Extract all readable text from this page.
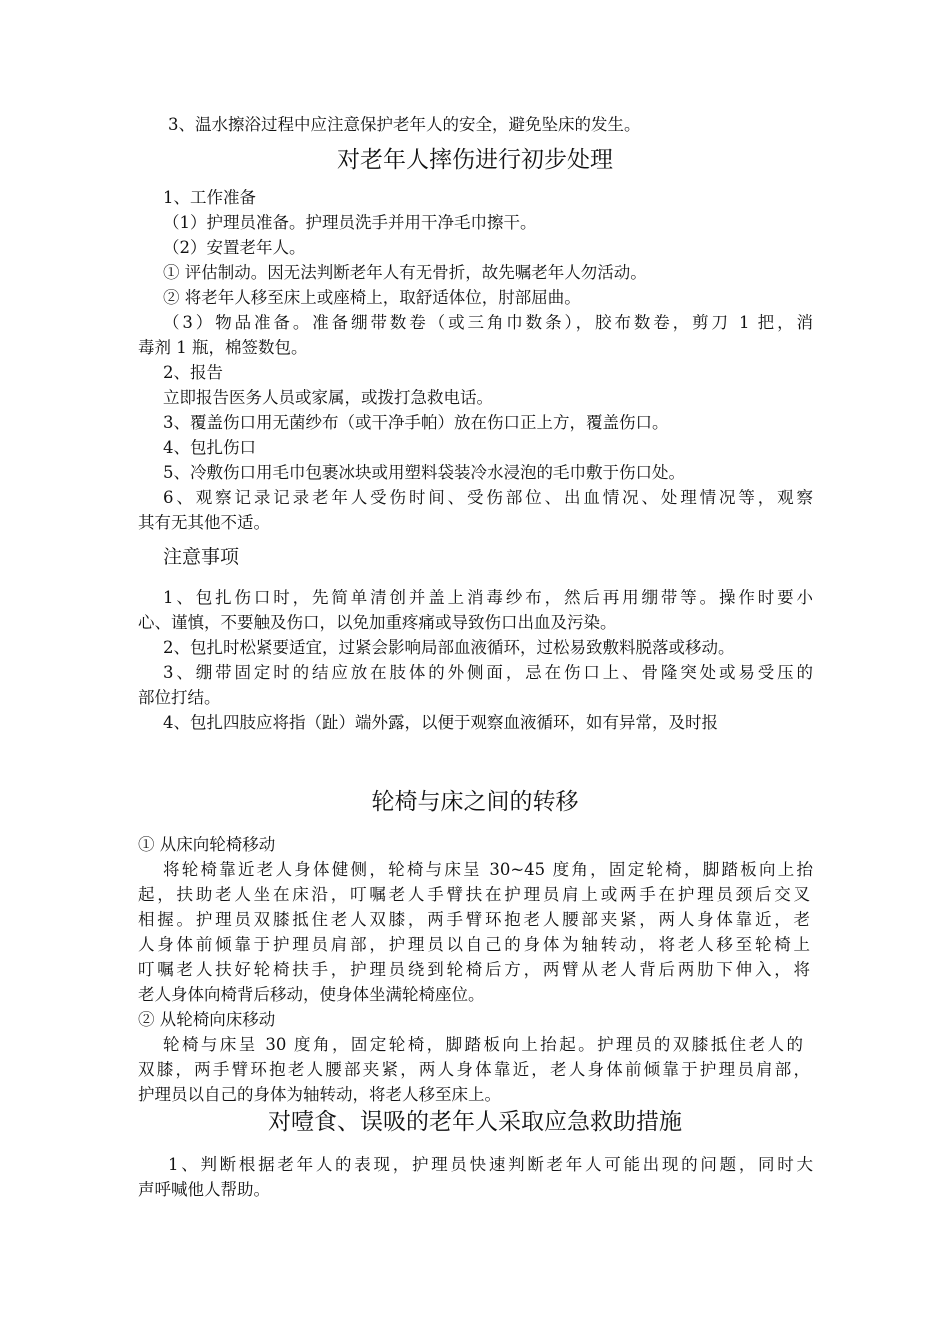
3、温水擦浴过程中应注意保护老年人的安全，避免坠床的发生。
对老年人摔伤进行初步处理
1、工作准备
（1）护理员准备。护理员洗手并用干净毛巾擦干。
（2）安置老年人。
① 评估制动。因无法判断老年人有无骨折，故先嘱老年人勿活动。
② 将老年人移至床上或座椅上，取舒适体位，肘部屈曲。
（3）物品准备。准备绷带数卷（或三角巾数条），胶布数卷，剪刀 1 把，消
毒剂 1 瓶，棉签数包。
2、报告
立即报告医务人员或家属，或拨打急救电话。
3、覆盖伤口用无菌纱布（或干净手帕）放在伤口正上方，覆盖伤口。
4、包扎伤口
5、冷敷伤口用毛巾包裹冰块或用塑料袋装冷水浸泡的毛巾敷于伤口处。
6、观察记录记录老年人受伤时间、受伤部位、出血情况、处理情况等，观察
其有无其他不适。
注意事项
1、包扎伤口时，先简单清创并盖上消毒纱布，然后再用绷带等。操作时要小
心、谨慎，不要触及伤口，以免加重疼痛或导致伤口出血及污染。
2、包扎时松紧要适宜，过紧会影响局部血液循环，过松易致敷料脱落或移动。
3、绷带固定时的结应放在肢体的外侧面，忌在伤口上、骨隆突处或易受压的
部位打结。
4、包扎四肢应将指（趾）端外露，以便于观察血液循环，如有异常，及时报
轮椅与床之间的转移
① 从床向轮椅移动
将轮椅靠近老人身体健侧，轮椅与床呈 30~45 度角，固定轮椅，脚踏板向上抬
起，扶助老人坐在床沿，叮嘱老人手臂扶在护理员肩上或两手在护理员颈后交叉
相握。护理员双膝抵住老人双膝，两手臂环抱老人腰部夹紧，两人身体靠近，老
人身体前倾靠于护理员肩部，护理员以自己的身体为轴转动，将老人移至轮椅上
叮嘱老人扶好轮椅扶手，护理员绕到轮椅后方，两臂从老人背后两肋下伸入，将
老人身体向椅背后移动，使身体坐满轮椅座位。
② 从轮椅向床移动
轮椅与床呈 30 度角，固定轮椅，脚踏板向上抬起。护理员的双膝抵住老人的
双膝，两手臂环抱老人腰部夹紧，两人身体靠近，老人身体前倾靠于护理员肩部，
护理员以自己的身体为轴转动，将老人移至床上。
对噎食、误吸的老年人采取应急救助措施
1、判断根据老年人的表现，护理员快速判断老年人可能出现的问题，同时大
声呼喊他人帮助。
